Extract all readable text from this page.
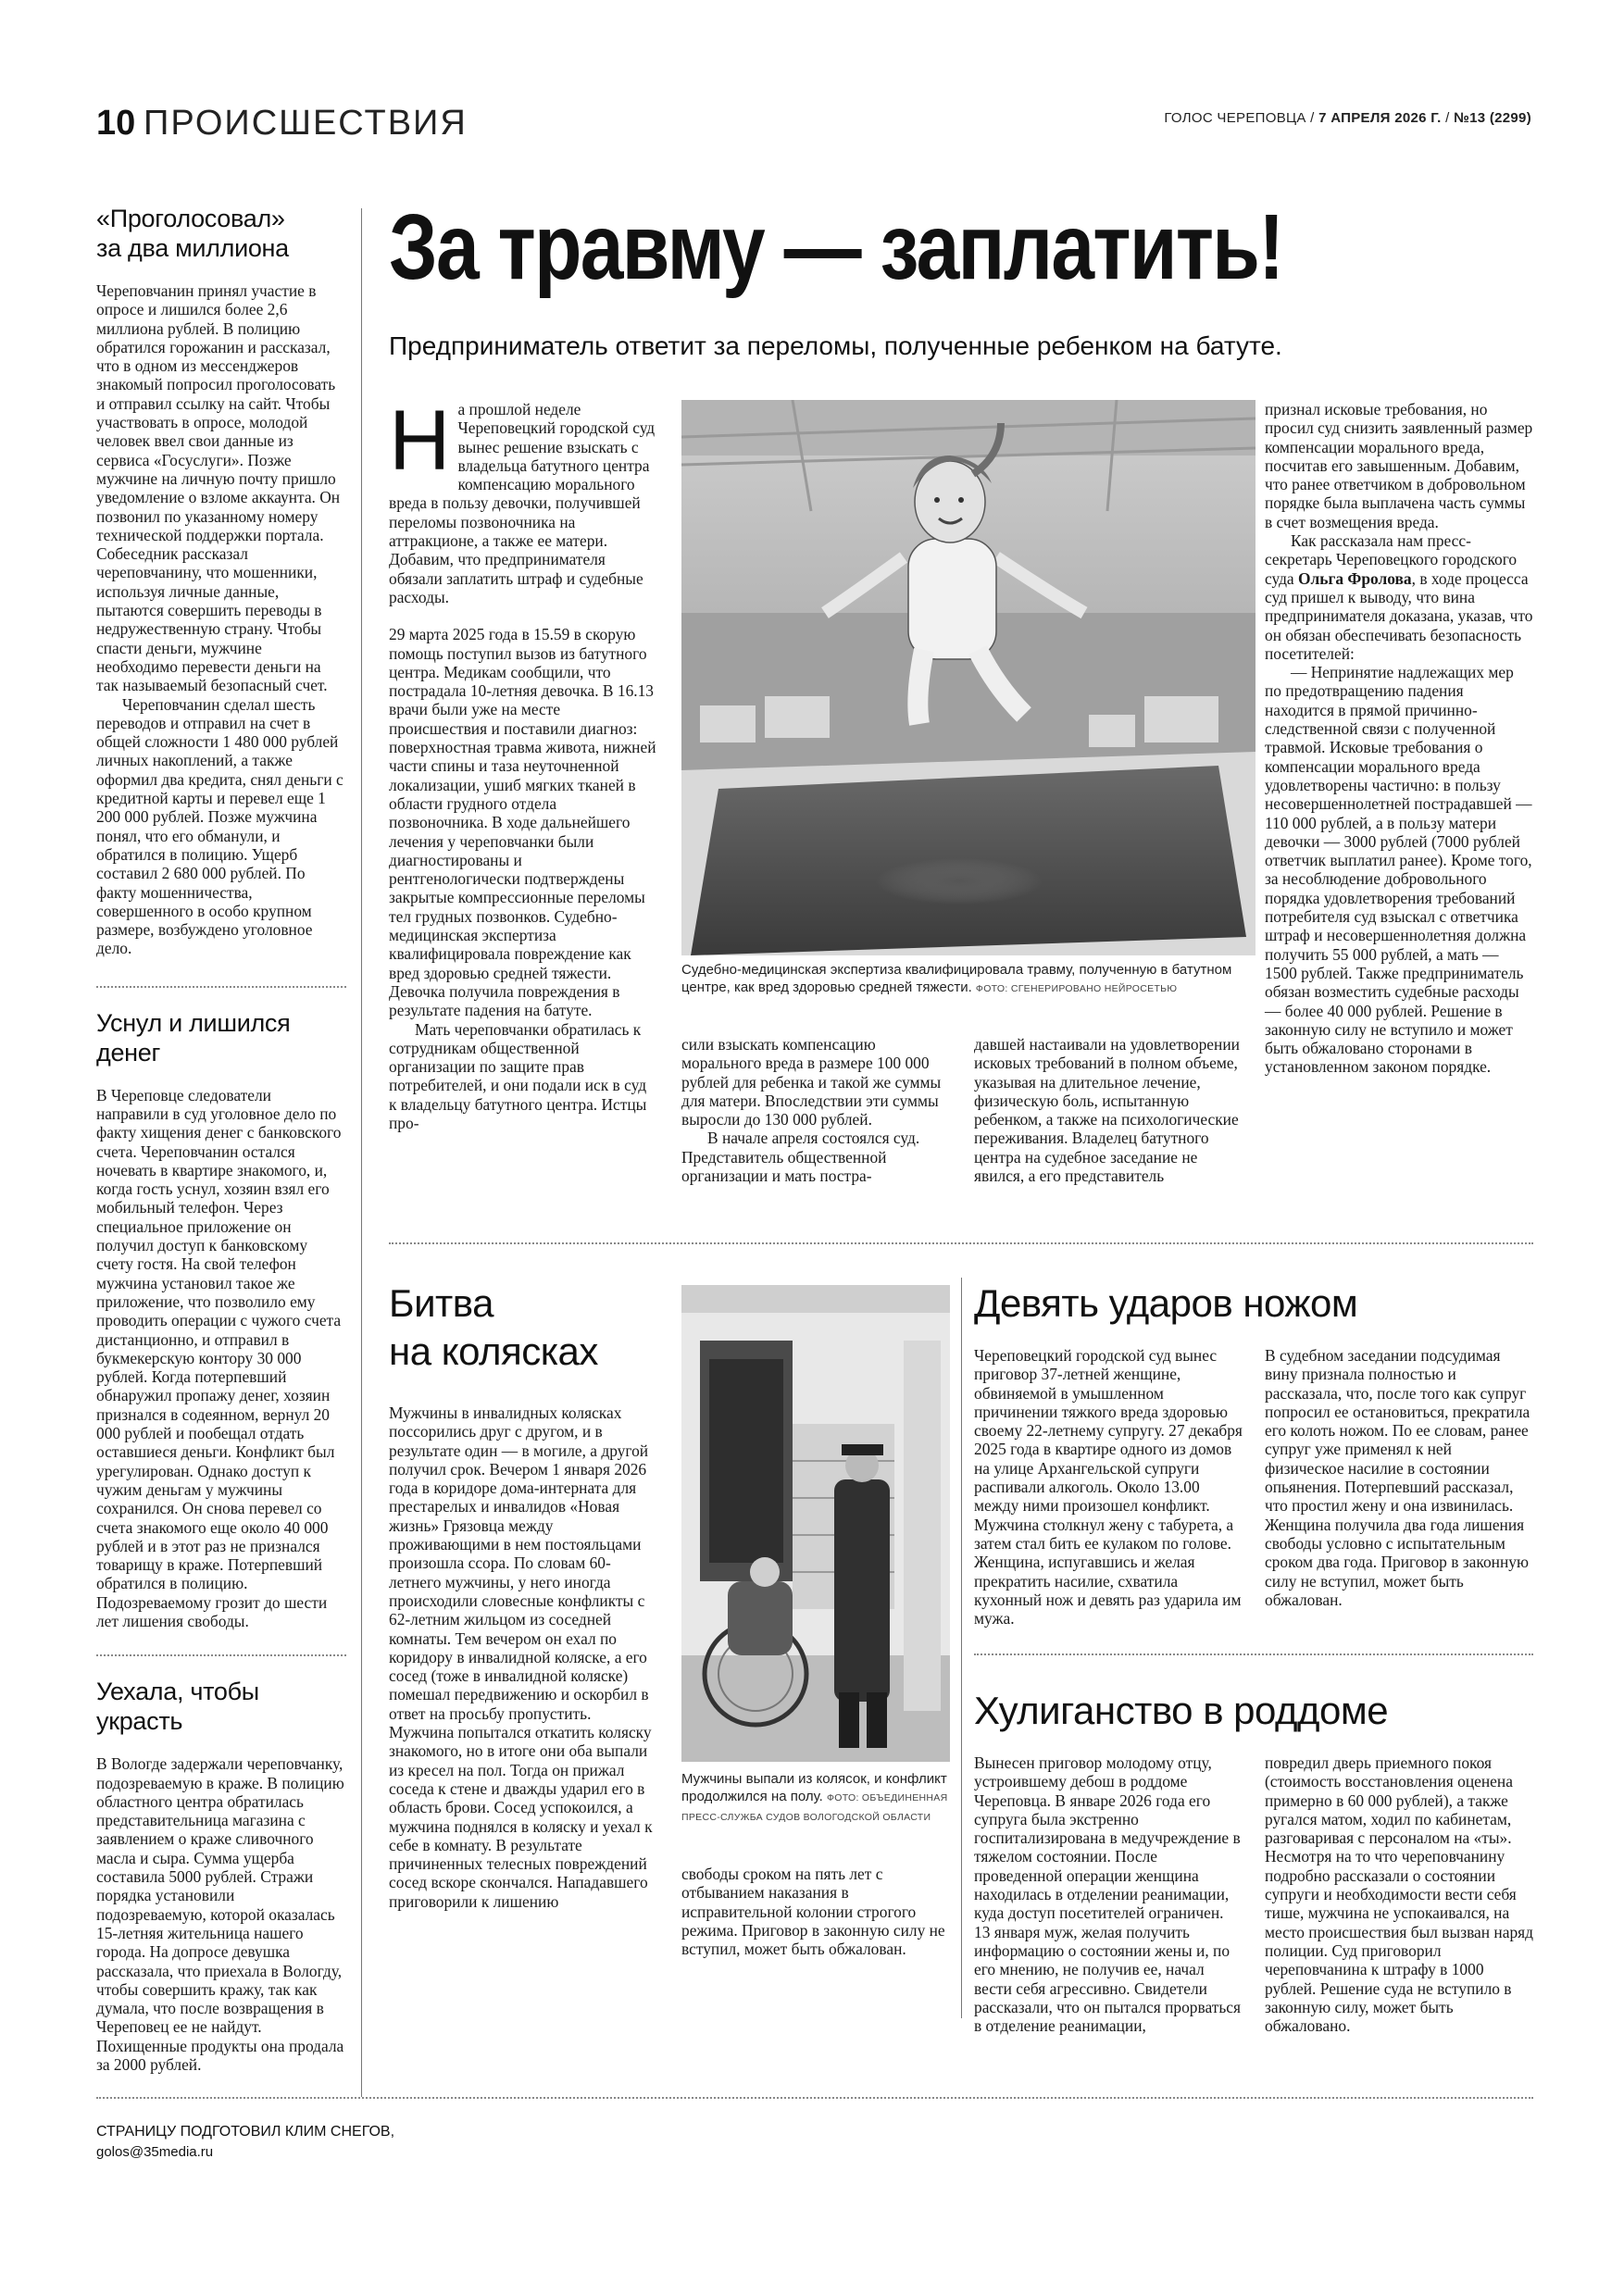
10 ПРОИСШЕСТВИЯ	ГОЛОС ЧЕРЕПОВЦА / 7 АПРЕЛЯ 2026 Г. / №13 (2299)
«Проголосовал»
за два миллиона

Череповчанин принял участие в опросе и лишился более 2,6 миллиона рублей. В полицию обратился горожанин и рассказал, что в одном из мессенджеров знакомый попросил проголосовать и отправил ссылку на сайт. Чтобы участвовать в опросе, молодой человек ввел свои данные из сервиса «Госуслуги». Позже мужчине на личную почту пришло уведомление о взломе аккаунта. Он позвонил по указанному номеру технической поддержки портала. Собеседник рассказал череповчанину, что мошенники, используя личные данные, пытаются совершить переводы в недружественную страну. Чтобы спасти деньги, мужчине необходимо перевести деньги на так называемый безопасный счет.

Череповчанин сделал шесть переводов и отправил на счет в общей сложности 1 480 000 рублей личных накоплений, а также оформил два кредита, снял деньги с кредитной карты и перевел еще 1 200 000 рублей. Позже мужчина понял, что его обманули, и обратился в полицию. Ущерб составил 2 680 000 рублей. По факту мошенничества, совершенного в особо крупном размере, возбуждено уголовное дело.

Уснул и лишился денег

В Череповце следователи направили в суд уголовное дело по факту хищения денег с банковского счета. Череповчанин остался ночевать в квартире знакомого, и, когда гость уснул, хозяин взял его мобильный телефон. Через специальное приложение он получил доступ к банковскому счету гостя. На свой телефон мужчина установил такое же приложение, что позволило ему проводить операции с чужого счета дистанционно, и отправил в букмекерскую контору 30 000 рублей. Когда потерпевший обнаружил пропажу денег, хозяин признался в содеянном, вернул 20 000 рублей и пообещал отдать оставшиеся деньги. Конфликт был урегулирован. Однако доступ к чужим деньгам у мужчины сохранился. Он снова перевел со счета знакомого еще около 40 000 рублей и в этот раз не признался товарищу в краже. Потерпевший обратился в полицию. Подозреваемому грозит до шести лет лишения свободы.

Уехала, чтобы украсть

В Вологде задержали череповчанку, подозреваемую в краже. В полицию областного центра обратилась представительница магазина с заявлением о краже сливочного масла и сыра. Сумма ущерба составила 5000 рублей. Стражи порядка установили подозреваемую, которой оказалась 15-летняя жительница нашего города. На допросе девушка рассказала, что приехала в Вологду, чтобы совершить кражу, так как думала, что после возвращения в Череповец ее не найдут. Похищенные продукты она продала за 2000 рублей.

За травму — заплатить!
Предприниматель ответит за переломы, полученные ребенком на батуте.

На прошлой неделе Череповецкий городской суд вынес решение взыскать с владельца батутного центра компенсацию морального вреда в пользу девочки, получившей переломы позвоночника на аттракционе, а также ее матери. Добавим, что предпринимателя обязали заплатить штраф и судебные расходы.

29 марта 2025 года в 15.59 в скорую помощь поступил вызов из батутного центра. Медикам сообщили, что пострадала 10-летняя девочка. В 16.13 врачи были уже на месте происшествия и поставили диагноз: поверхностная травма живота, нижней части спины и таза неуточненной локализации, ушиб мягких тканей в области грудного отдела позвоночника. В ходе дальнейшего лечения у череповчанки были диагностированы и рентгенологически подтверждены закрытые компрессионные переломы тел грудных позвонков. Судебно-медицинская экспертиза квалифицировала повреждение как вред здоровью средней тяжести. Девочка получила повреждения в результате падения на батуте.

Мать череповчанки обратилась к сотрудникам общественной организации по защите прав потребителей, и они подали иск в суд к владельцу батутного центра. Истцы про-

Судебно-медицинская экспертиза квалифицировала травму, полученную в батутном центре, как вред здоровью средней тяжести. ФОТО: СГЕНЕРИРОВАНО НЕЙРОСЕТЬЮ

сили взыскать компенсацию морального вреда в размере 100 000 рублей для ребенка и такой же суммы для матери. Впоследствии эти суммы выросли до 130 000 рублей.

В начале апреля состоялся суд. Представитель общественной организации и мать постра-

давшей настаивали на удовлетворении исковых требований в полном объеме, указывая на длительное лечение, физическую боль, испытанную ребенком, а также на психологические переживания. Владелец батутного центра на судебное заседание не явился, а его представитель

признал исковые требования, но просил суд снизить заявленный размер компенсации морального вреда, посчитав его завышенным. Добавим, что ранее ответчиком в добровольном порядке была выплачена часть суммы в счет возмещения вреда.

Как рассказала нам пресс-секретарь Череповецкого городского суда Ольга Фролова, в ходе процесса суд пришел к выводу, что вина предпринимателя доказана, указав, что он обязан обеспечивать безопасность посетителей:

— Непринятие надлежащих мер по предотвращению падения находится в прямой причинно-следственной связи с полученной травмой. Исковые требования о компенсации морального вреда удовлетворены частично: в пользу несовершеннолетней пострадавшей — 110 000 рублей, а в пользу матери девочки — 3000 рублей (7000 рублей ответчик выплатил ранее). Кроме того, за несоблюдение добровольного порядка удовлетворения требований потребителя суд взыскал с ответчика штраф и несовершеннолетняя должна получить 55 000 рублей, а мать — 1500 рублей. Также предприниматель обязан возместить судебные расходы — более 40 000 рублей. Решение в законную силу не вступило и может быть обжаловано сторонами в установленном законом порядке.

Битва
на колясках

Мужчины в инвалидных колясках поссорились друг с другом, и в результате один — в могиле, а другой получил срок. Вечером 1 января 2026 года в коридоре дома-интерната для престарелых и инвалидов «Новая жизнь» Грязовца между проживающими в нем постояльцами произошла ссора. По словам 60-летнего мужчины, у него иногда происходили словесные конфликты с 62-летним жильцом из соседней комнаты. Тем вечером он ехал по коридору в инвалидной коляске, а его сосед (тоже в инвалидной коляске) помешал передвижению и оскорбил в ответ на просьбу пропустить. Мужчина попытался откатить коляску знакомого, но в итоге они оба выпали из кресел на пол. Тогда он прижал соседа к стене и дважды ударил его в область брови. Сосед успокоился, а мужчина поднялся в коляску и уехал к себе в комнату. В результате причиненных телесных повреждений сосед вскоре скончался. Нападавшего приговорили к лишению

Мужчины выпали из колясок, и конфликт продолжился на полу. ФОТО: ОБЪЕДИНЕННАЯ ПРЕСС-СЛУЖБА СУДОВ ВОЛОГОДСКОЙ ОБЛАСТИ

свободы сроком на пять лет с отбыванием наказания в исправительной колонии строгого режима. Приговор в законную силу не вступил, может быть обжалован.

Девять ударов ножом

Череповецкий городской суд вынес приговор 37-летней женщине, обвиняемой в умышленном причинении тяжкого вреда здоровью своему 22-летнему супругу. 27 декабря 2025 года в квартире одного из домов на улице Архангельской супруги распивали алкоголь. Около 13.00 между ними произошел конфликт. Мужчина столкнул жену с табурета, а затем стал бить ее кулаком по голове. Женщина, испугавшись и желая прекратить насилие, схватила кухонный нож и девять раз ударила им мужа.

В судебном заседании подсудимая вину признала полностью и рассказала, что, после того как супруг попросил ее остановиться, прекратила его колоть ножом. По ее словам, ранее супруг уже применял к ней физическое насилие в состоянии опьянения. Потерпевший рассказал, что простил жену и она извинилась. Женщина получила два года лишения свободы условно с испытательным сроком два года. Приговор в законную силу не вступил, может быть обжалован.

Хулиганство в роддоме

Вынесен приговор молодому отцу, устроившему дебош в роддоме Череповца. В январе 2026 года его супруга была экстренно госпитализирована в медучреждение в тяжелом состоянии. После проведенной операции женщина находилась в отделении реанимации, куда доступ посетителей ограничен. 13 января муж, желая получить информацию о состоянии жены и, по его мнению, не получив ее, начал вести себя агрессивно. Свидетели рассказали, что он пытался прорваться в отделение реанимации,

повредил дверь приемного покоя (стоимость восстановления оценена примерно в 60 000 рублей), а также ругался матом, ходил по кабинетам, разговаривая с персоналом на «ты». Несмотря на то что череповчанину подробно рассказали о состоянии супруги и необходимости вести себя тише, мужчина не успокаивался, на место происшествия был вызван наряд полиции. Суд приговорил череповчанина к штрафу в 1000 рублей. Решение суда не вступило в законную силу, может быть обжаловано.

СТРАНИЦУ ПОДГОТОВИЛ КЛИМ СНЕГОВ,
golos@35media.ru
